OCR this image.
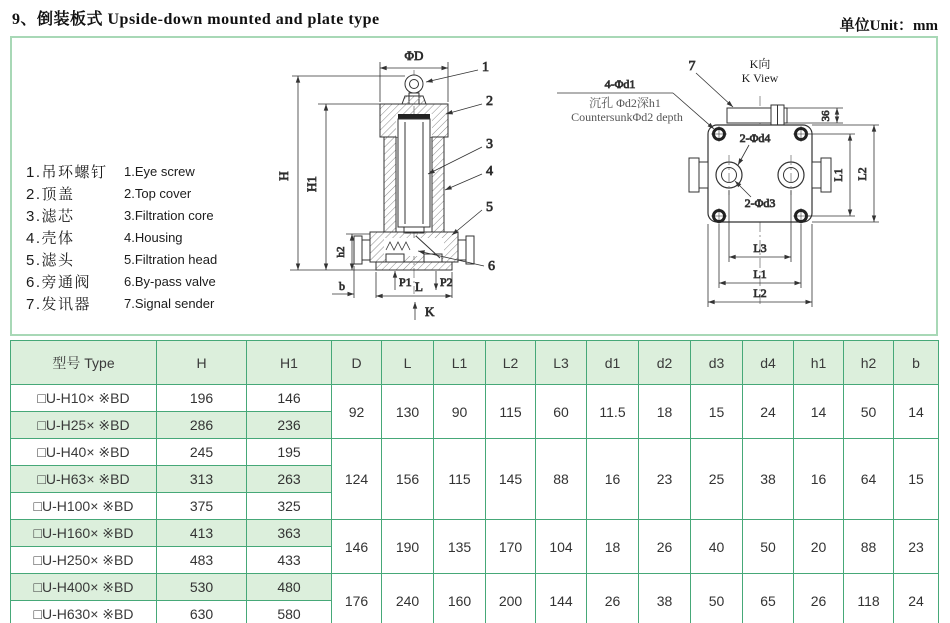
9、倒装板式 Upside-down mounted and plate type	单位Unit：mm
1.吊环螺钉	1.Eye screw
2.顶盖	2.Top cover
3.滤芯	3.Filtration core
4.壳体	4.Housing
5.滤头	5.Filtration head
6.旁通阀	6.By-pass valve
7.发讯器	7.Signal sender
ΦD
H
H1
h2
b	L
P1 P2
K
1
2
3
4
5
6
7	K向
K View
4-Φd1
沉孔 Φd2深h1
CountersunkΦd2 depth
2-Φd4
2-Φd3
36
L1 L2
L3
L1
L2
型号 Type	H	H1	D	L	L1	L2	L3	d1	d2	d3	d4	h1	h2	b
□U-H10× ※BD	196	146	92	130	90	115	60	11.5	18	15	24	14	50	14
□U-H25× ※BD	286	236												
□U-H40× ※BD	245	195	124	156	115	145	88	16	23	25	38	16	64	15
□U-H63× ※BD	313	263												
□U-H100× ※BD	375	325												
□U-H160× ※BD	413	363	146	190	135	170	104	18	26	40	50	20	88	23
□U-H250× ※BD	483	433												
□U-H400× ※BD	530	480	176	240	160	200	144	26	38	50	65	26	118	24
□U-H630× ※BD	630	580												
